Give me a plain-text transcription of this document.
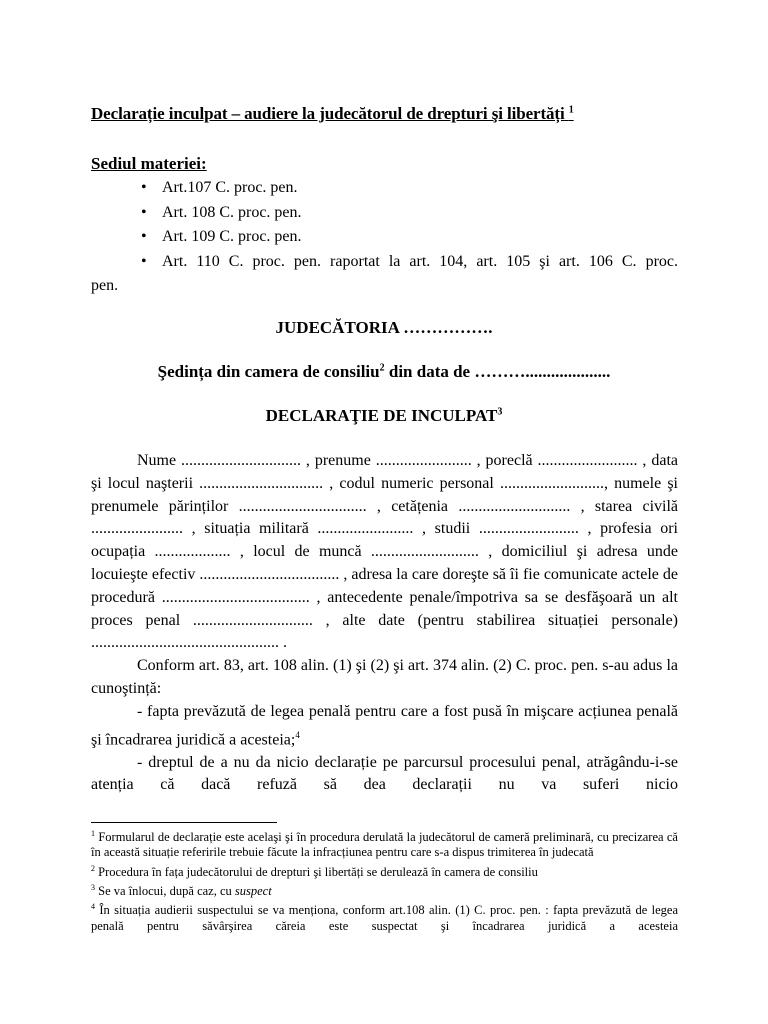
Declarație inculpat – audiere la judecătorul de drepturi şi libertăți $^1$
Sediul materiei:
• Art.107 C. proc. pen.
• Art. 108 C. proc. pen.
• Art. 109 C. proc. pen.
• Art. 110 C. proc. pen. raportat la art. 104, art. 105 şi art. 106 C. proc.
pen.
JUDECĂTORIA …………….
Şedința din camera de consiliu$^2$ din data de ………....................
DECLARAŢIE DE INCULPAT$^3$

Nume .............................. , prenume ........................ , poreclă ......................... , data şi locul naşterii ............................... , codul numeric personal .........................., numele şi prenumele părinților ................................ , cetățenia ............................ , starea civilă ....................... , situația militară ........................ , studii ......................... , profesia ori ocupația ................... , locul de muncă ........................... , domiciliul şi adresa unde locuieşte efectiv ................................... , adresa la care doreşte să îi fie comunicate actele de procedură ..................................... , antecedente penale/împotriva sa se desfăşoară un alt proces penal .............................. , alte date (pentru stabilirea situației personale) ............................................... .

Conform art. 83, art. 108 alin. (1) şi (2) şi art. 374 alin. (2) C. proc. pen. s-au adus la cunoştință:

- fapta prevăzută de legea penală pentru care a fost pusă în mişcare acțiunea penală şi încadrarea juridică a acesteia;$^4$

- dreptul de a nu da nicio declarație pe parcursul procesului penal, atrăgându-i-se atenția că dacă refuză să dea declarații nu va suferi nicio

$^1$ Formularul de declarație este acelaşi şi în procedura derulată la judecătorul de cameră preliminară, cu precizarea că în această situație referirile trebuie făcute la infracțiunea pentru care s-a dispus trimiterea în judecată

$^2$ Procedura în fața judecătorului de drepturi şi libertăți se derulează în camera de consiliu

$^3$ Se va înlocui, după caz, cu suspect

$^4$ În situația audierii suspectului se va menționa, conform art.108 alin. (1) C. proc. pen. : fapta prevăzută de legea penală pentru săvârşirea căreia este suspectat şi încadrarea juridică a acesteia
